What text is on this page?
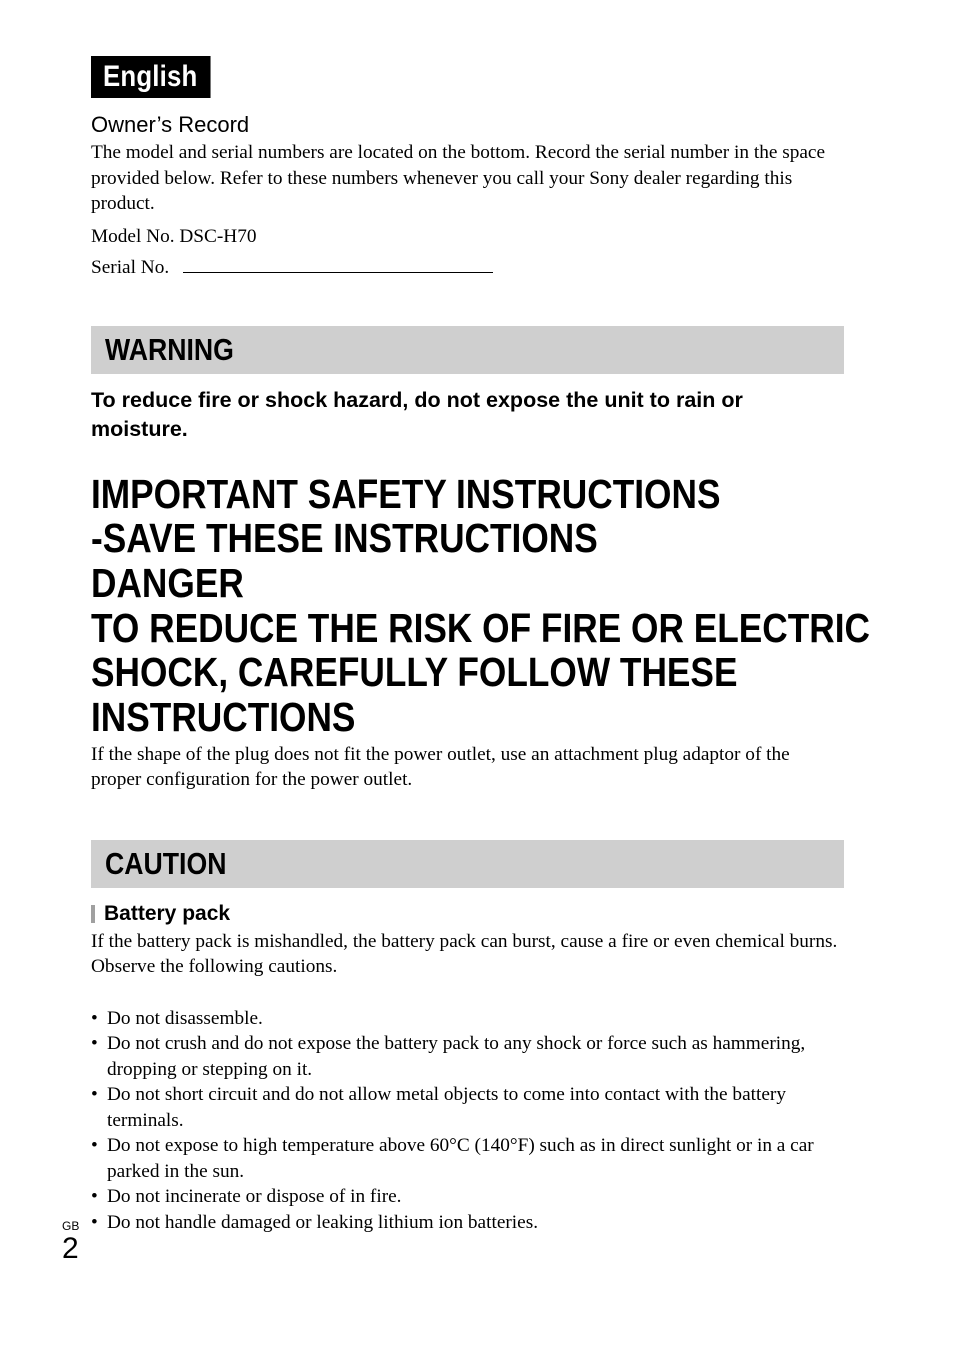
English
Owner’s Record

The model and serial numbers are located on the bottom. Record the serial number in the space provided below. Refer to these numbers whenever you call your Sony dealer regarding this product.

Model No. DSC-H70

Serial No.

WARNING
To reduce fire or shock hazard, do not expose the unit to rain or moisture.
IMPORTANT SAFETY INSTRUCTIONS
-SAVE THESE INSTRUCTIONS
DANGER
TO REDUCE THE RISK OF FIRE OR ELECTRIC
SHOCK, CAREFULLY FOLLOW THESE
INSTRUCTIONS

If the shape of the plug does not fit the power outlet, use an attachment plug adaptor of the proper configuration for the power outlet.

CAUTION
Battery pack

If the battery pack is mishandled, the battery pack can burst, cause a fire or even chemical burns. Observe the following cautions.

• Do not disassemble.
• Do not crush and do not expose the battery pack to any shock or force such as hammering, dropping or stepping on it.
• Do not short circuit and do not allow metal objects to come into contact with the battery terminals.
• Do not expose to high temperature above 60°C (140°F) such as in direct sunlight or in a car parked in the sun.
• Do not incinerate or dispose of in fire.
• Do not handle damaged or leaking lithium ion batteries.
GB
2
